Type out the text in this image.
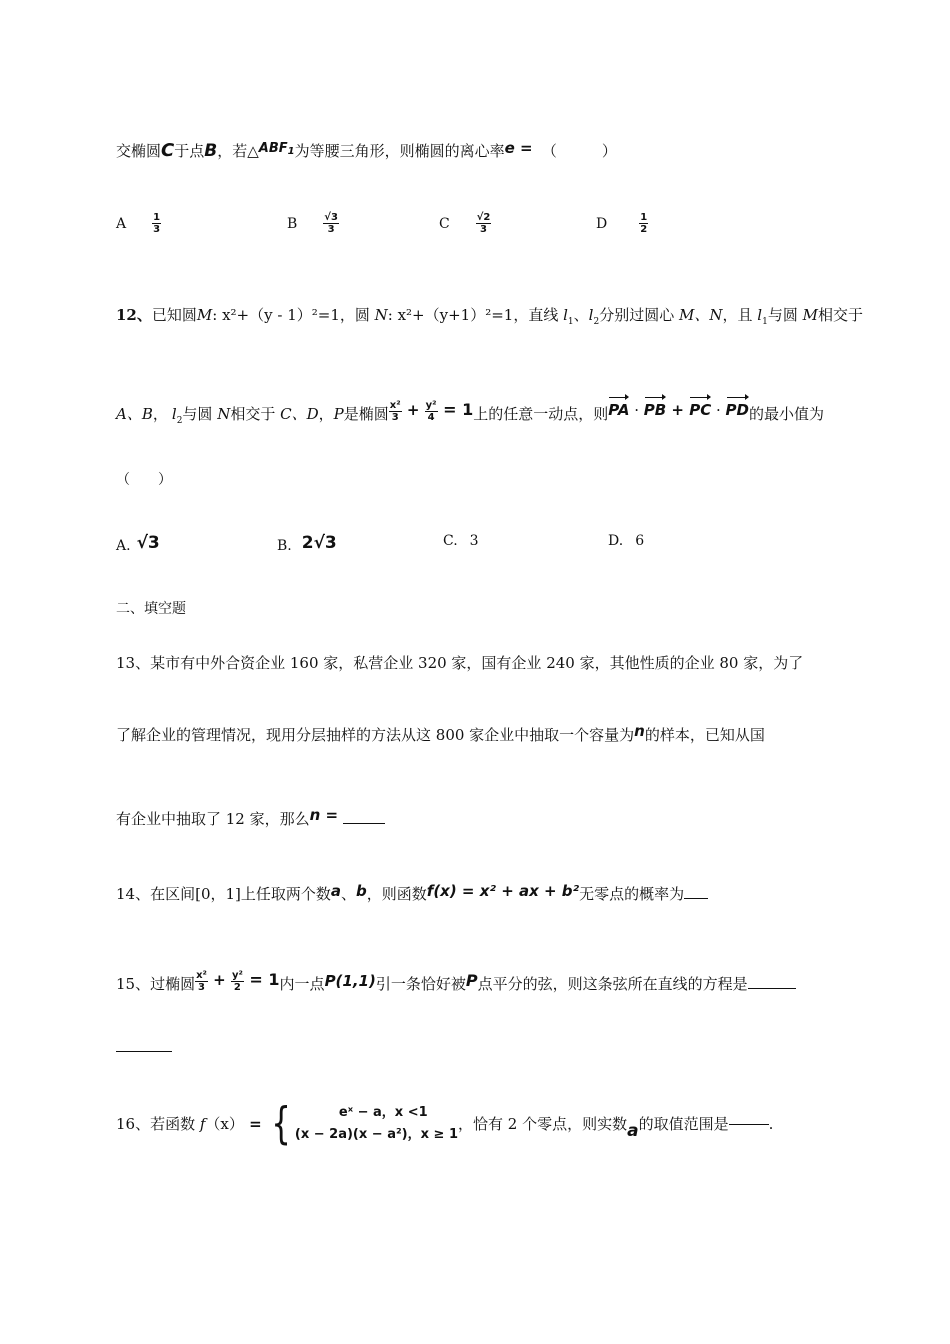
交椭圆C于点B，若△ABF1为等腰三角形，则椭圆的离心率e = （　　　）
A	$\frac{1}{3}$	B	$\frac{√3}{3}$	C	$\frac{√2}{3}$	D	$\frac{1}{2}$
12、已知圆M: x²+（y - 1）²=1，圆 N: x²+（y+1）²=1，直线 $l_1$、$l_2$分别过圆心 M、N，且 $l_1$与圆 M相交于
A、B， $l_2$与圆 N相交于 C、D，P是椭圆 $\frac{\text{x²}}{3} + \frac{\text{y²}}{4} = 1$上的任意一动点，则PA · PB + PC · PD的最小值为
（　　）
A. √3	B. 2√3	C. 3	D. 6
二、填空题
13、某市有中外合资企业 160 家，私营企业 320 家，国有企业 240 家，其他性质的企业 80 家，为了
了解企业的管理情况，现用分层抽样的方法从这 800 家企业中抽取一个容量为n的样本，已知从国
有企业中抽取了 12 家，那么n =
14、在区间[0，1]上任取两个数a、b，则函数f(x) = x² + ax + b²无零点的概率为
15、过椭圆 $\frac{\text{x²}}{3} + \frac{\text{y²}}{2} = 1$内一点P(1,1)引一条恰好被P点平分的弦，则这条弦所在直线的方程是
16、若函数 f（x） = {	eˣ − a，x <1
(x − 2a)(x − a²)，x ≥ 1
，恰有 2 个零点，则实数a的取值范围是	.
